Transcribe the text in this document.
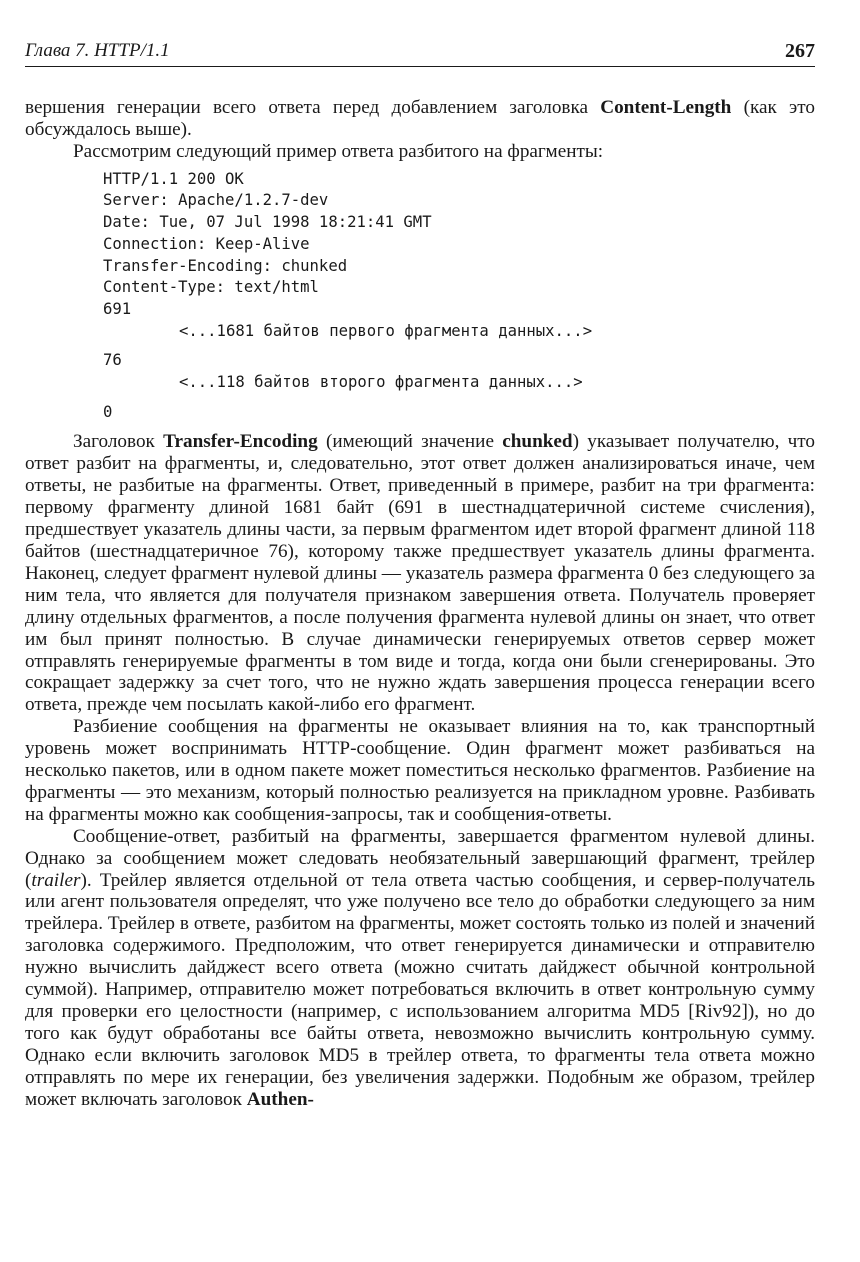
Глава 7. HTTP/1.1	267

вершения генерации всего ответа перед добавлением заголовка Content-Length (как это обсуждалось выше).

Рассмотрим следующий пример ответа разбитого на фрагменты:

HTTP/1.1 200 OK
Server: Apache/1.2.7-dev
Date: Tue, 07 Jul 1998 18:21:41 GMT
Connection: Keep-Alive
Transfer-Encoding: chunked
Content-Type: text/html
691
<...1681 байтов первого фрагмента данных...>
76
<...118 байтов второго фрагмента данных...>
0

Заголовок Transfer-Encoding (имеющий значение chunked) указывает получателю, что ответ разбит на фрагменты, и, следовательно, этот ответ должен анализироваться иначе, чем ответы, не разбитые на фрагменты. Ответ, приведенный в примере, разбит на три фрагмента: первому фрагменту длиной 1681 байт (691 в шестнадцатеричной системе счисления), предшествует указатель длины части, за первым фрагментом идет второй фрагмент длиной 118 байтов (шестнадцатеричное 76), которому также предшествует указатель длины фрагмента. Наконец, следует фрагмент нулевой длины — указатель размера фрагмента 0 без следующего за ним тела, что является для получателя признаком завершения ответа. Получатель проверяет длину отдельных фрагментов, а после получения фрагмента нулевой длины он знает, что ответ им был принят полностью. В случае динамически генерируемых ответов сервер может отправлять генерируемые фрагменты в том виде и тогда, когда они были сгенерированы. Это сокращает задержку за счет того, что не нужно ждать завершения процесса генерации всего ответа, прежде чем посылать какой-либо его фрагмент.

Разбиение сообщения на фрагменты не оказывает влияния на то, как транспортный уровень может воспринимать HTTP-сообщение. Один фрагмент может разбиваться на несколько пакетов, или в одном пакете может поместиться несколько фрагментов. Разбиение на фрагменты — это механизм, который полностью реализуется на прикладном уровне. Разбивать на фрагменты можно как сообщения-запросы, так и сообщения-ответы.

Сообщение-ответ, разбитый на фрагменты, завершается фрагментом нулевой длины. Однако за сообщением может следовать необязательный завершающий фрагмент, трейлер (trailer). Трейлер является отдельной от тела ответа частью сообщения, и сервер-получатель или агент пользователя определят, что уже получено все тело до обработки следующего за ним трейлера. Трейлер в ответе, разбитом на фрагменты, может состоять только из полей и значений заголовка содержимого. Предположим, что ответ генерируется динамически и отправителю нужно вычислить дайджест всего ответа (можно считать дайджест обычной контрольной суммой). Например, отправителю может потребоваться включить в ответ контрольную сумму для проверки его целостности (например, с использованием алгоритма MD5 [Riv92]), но до того как будут обработаны все байты ответа, невозможно вычислить контрольную сумму. Однако если включить заголовок MD5 в трейлер ответа, то фрагменты тела ответа можно отправлять по мере их генерации, без увеличения задержки. Подобным же образом, трейлер может включать заголовок Authen-
